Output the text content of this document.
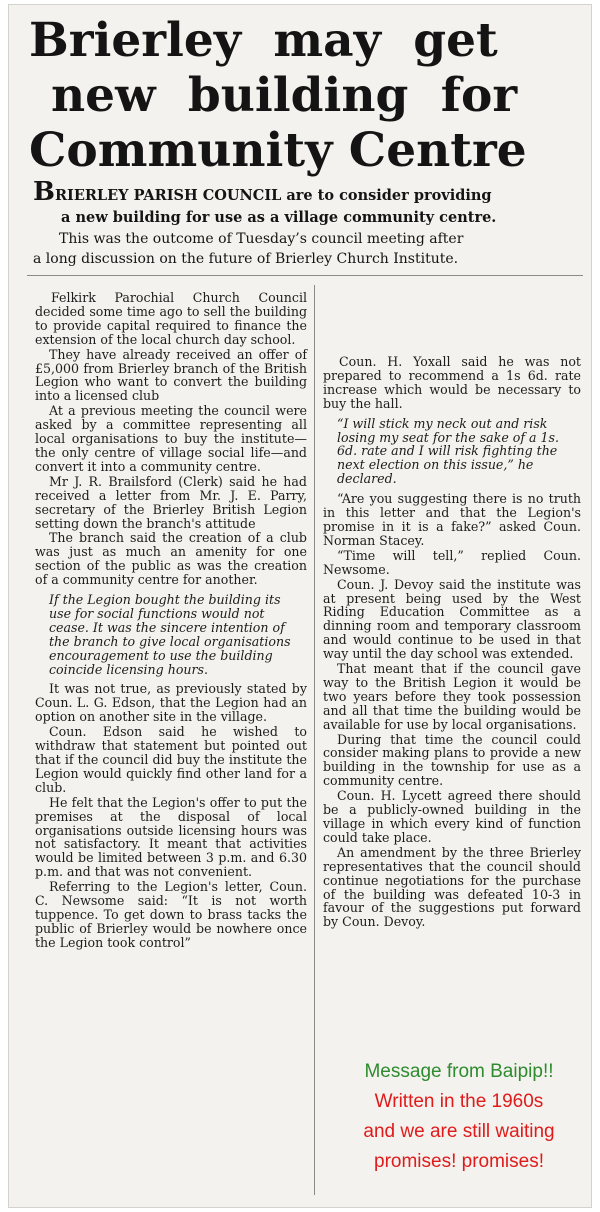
Brierley may get
new building for
Community Centre
BRIERLEY PARISH COUNCIL are to consider providing
a new building for use as a village community centre.
This was the outcome of Tuesday’s council meeting after
a long discussion on the future of Brierley Church Institute.

Felkirk Parochial Church Council decided some time ago to sell the building to provide capital required to finance the extension of the local church day school.

They have already received an offer of £5,000 from Brierley branch of the British Legion who want to convert the building into a licensed club

At a previous meeting the council were asked by a committee representing all local organisations to buy the institute—the only centre of village social life—and convert it into a community centre.

Mr J. R. Brailsford (Clerk) said he had received a letter from Mr. J. E. Parry, secretary of the Brierley British Legion setting down the branch's attitude

The branch said the creation of a club was just as much an amenity for one section of the public as was the creation of a community centre for another.

If the Legion bought the building its use for social functions would not cease. It was the sincere intention of the branch to give local organisations encouragement to use the building coincide licensing hours.

It was not true, as previously stated by Coun. L. G. Edson, that the Legion had an option on another site in the village.

Coun. Edson said he wished to withdraw that statement but pointed out that if the council did buy the institute the Legion would quickly find other land for a club.

He felt that the Legion's offer to put the premises at the disposal of local organisations outside licensing hours was not satisfactory. It meant that activities would be limited between 3 p.m. and 6.30 p.m. and that was not convenient.

Referring to the Legion's letter, Coun. C. Newsome said: “It is not worth tuppence. To get down to brass tacks the public of Brierley would be nowhere once the Legion took control”

Coun. H. Yoxall said he was not prepared to recommend a 1s 6d. rate increase which would be necessary to buy the hall.

“I will stick my neck out and risk losing my seat for the sake of a 1s. 6d. rate and I will risk fighting the next election on this issue,” he declared.

“Are you suggesting there is no truth in this letter and that the Legion's promise in it is a fake?” asked Coun. Norman Stacey.

“Time will tell,” replied Coun. Newsome.

Coun. J. Devoy said the institute was at present being used by the West Riding Education Committee as a dinning room and temporary classroom and would continue to be used in that way until the day school was extended.

That meant that if the council gave way to the British Legion it would be two years before they took possession and all that time the building would be available for use by local organisations.

During that time the council could consider making plans to provide a new building in the township for use as a community centre.

Coun. H. Lycett agreed there should be a publicly-owned building in the village in which every kind of function could take place.

An amendment by the three Brierley representatives that the council should continue negotiations for the purchase of the building was defeated 10-3 in favour of the suggestions put forward by Coun. Devoy.

Message from Baipip!!
Written in the 1960s
and we are still waiting
promises! promises!
